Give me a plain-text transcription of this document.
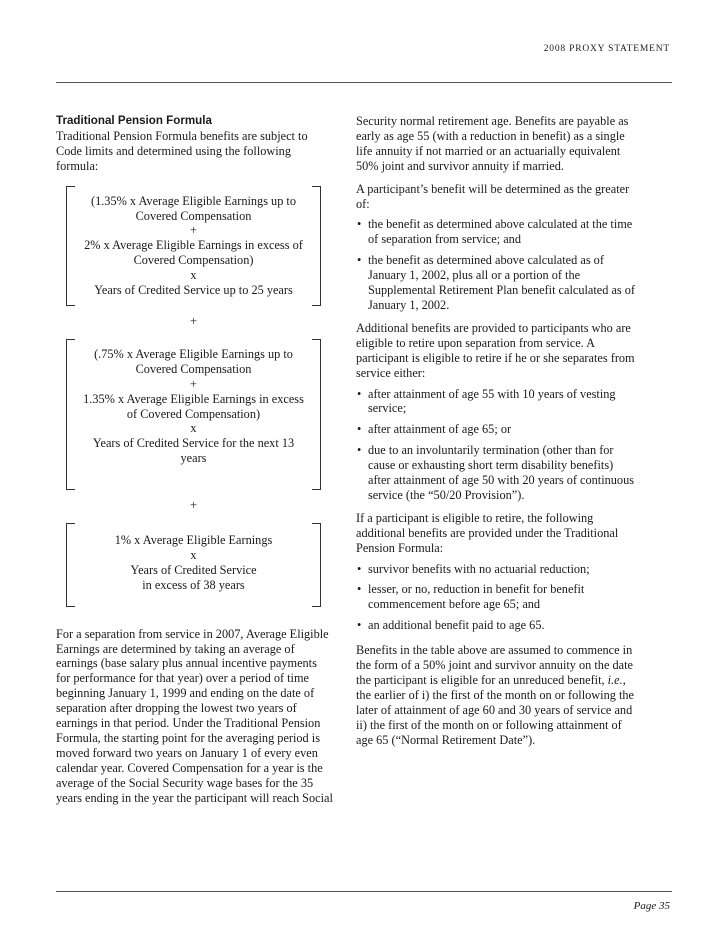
2008 PROXY STATEMENT

Traditional Pension Formula

Traditional Pension Formula benefits are subject to Code limits and determined using the following formula:

(1.35% x Average Eligible Earnings up to
Covered Compensation
+
2% x Average Eligible Earnings in excess of
Covered Compensation)
x
Years of Credited Service up to 25 years

+

(.75% x Average Eligible Earnings up to
Covered Compensation
+
1.35% x Average Eligible Earnings in excess
of Covered Compensation)
x
Years of Credited Service for the next 13
years

+

1% x Average Eligible Earnings
x
Years of Credited Service
in excess of 38 years

For a separation from service in 2007, Average Eligible Earnings are determined by taking an average of earnings (base salary plus annual incentive payments for performance for that year) over a period of time beginning January 1, 1999 and ending on the date of separation after dropping the lowest two years of earnings in that period. Under the Traditional Pension Formula, the starting point for the averaging period is moved forward two years on January 1 of every even calendar year. Covered Compensation for a year is the average of the Social Security wage bases for the 35 years ending in the year the participant will reach Social

Security normal retirement age. Benefits are payable as early as age 55 (with a reduction in benefit) as a single life annuity if not married or an actuarially equivalent 50% joint and survivor annuity if married.

A participant’s benefit will be determined as the greater of:

• the benefit as determined above calculated at the time of separation from service; and
• the benefit as determined above calculated as of January 1, 2002, plus all or a portion of the Supplemental Retirement Plan benefit calculated as of January 1, 2002.

Additional benefits are provided to participants who are eligible to retire upon separation from service. A participant is eligible to retire if he or she separates from service either:

• after attainment of age 55 with 10 years of vesting service;
• after attainment of age 65; or
• due to an involuntarily termination (other than for cause or exhausting short term disability benefits) after attainment of age 50 with 20 years of continuous service (the “50/20 Provision”).

If a participant is eligible to retire, the following additional benefits are provided under the Traditional Pension Formula:

• survivor benefits with no actuarial reduction;
• lesser, or no, reduction in benefit for benefit commencement before age 65; and
• an additional benefit paid to age 65.

Benefits in the table above are assumed to commence in the form of a 50% joint and survivor annuity on the date the participant is eligible for an unreduced benefit, i.e., the earlier of i) the first of the month on or following the later of attainment of age 60 and 30 years of service and ii) the first of the month on or following attainment of age 65 (“Normal Retirement Date”).

Page 35
